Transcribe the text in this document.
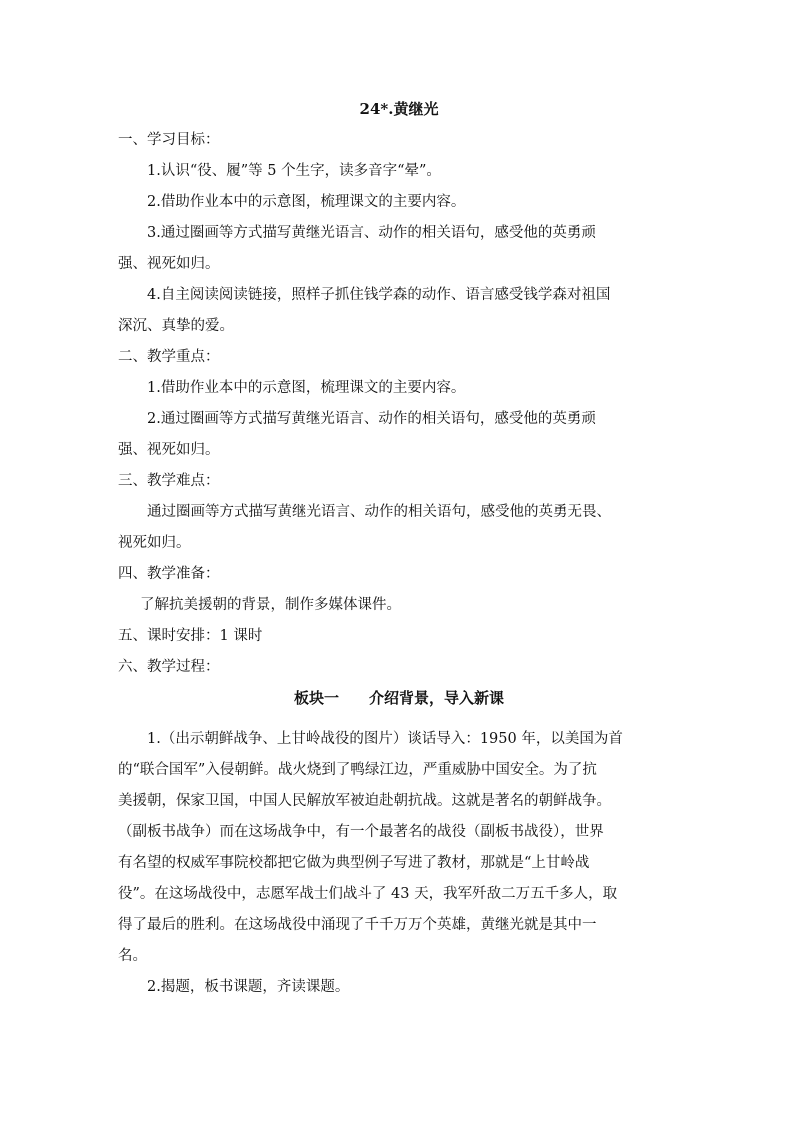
24*.黄继光
一、学习目标：
1.认识“役、履”等 5 个生字，读多音字“晕”。
2.借助作业本中的示意图，梳理课文的主要内容。
3.通过圈画等方式描写黄继光语言、动作的相关语句，感受他的英勇顽
强、视死如归。
4.自主阅读阅读链接，照样子抓住钱学森的动作、语言感受钱学森对祖国
深沉、真挚的爱。
二、教学重点：
1.借助作业本中的示意图，梳理课文的主要内容。
2.通过圈画等方式描写黄继光语言、动作的相关语句，感受他的英勇顽
强、视死如归。
三、教学难点：
通过圈画等方式描写黄继光语言、动作的相关语句，感受他的英勇无畏、
视死如归。
四、教学准备：
了解抗美援朝的背景，制作多媒体课件。
五、课时安排：1 课时
六、教学过程：
板块一 介绍背景，导入新课
1.（出示朝鲜战争、上甘岭战役的图片）谈话导入：1950 年，以美国为首
的“联合国军”入侵朝鲜。战火烧到了鸭绿江边，严重威胁中国安全。为了抗
美援朝，保家卫国，中国人民解放军被迫赴朝抗战。这就是著名的朝鲜战争。
（副板书战争）而在这场战争中，有一个最著名的战役（副板书战役），世界
有名望的权威军事院校都把它做为典型例子写进了教材，那就是“上甘岭战
役”。在这场战役中，志愿军战士们战斗了 43 天，我军歼敌二万五千多人，取
得了最后的胜利。在这场战役中涌现了千千万万个英雄，黄继光就是其中一
名。
2.揭题，板书课题，齐读课题。
